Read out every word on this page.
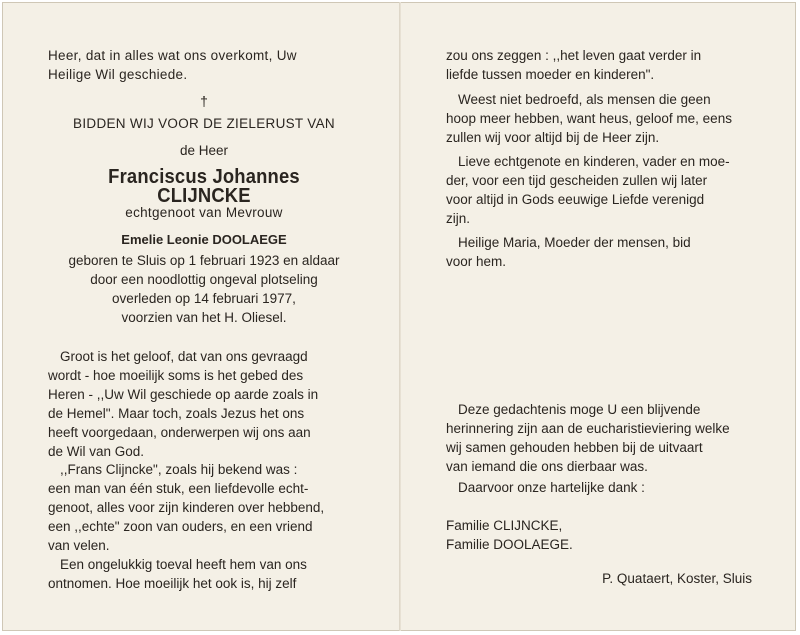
Heer, dat in alles wat ons overkomt, Uw

Heilige Wil geschiede.

†

BIDDEN WIJ VOOR DE ZIELERUST VAN

de Heer

Franciscus Johannes CLIJNCKE

echtgenoot van Mevrouw

Emelie Leonie DOOLAEGE

geboren te Sluis op 1 februari 1923 en aldaar

door een noodlottig ongeval plotseling

overleden op 14 februari 1977,

voorzien van het H. Oliesel.

Groot is het geloof, dat van ons gevraagd

wordt - hoe moeilijk soms is het gebed des

Heren - ,,Uw Wil geschiede op aarde zoals in

de Hemel". Maar toch, zoals Jezus het ons

heeft voorgedaan, onderwerpen wij ons aan

de Wil van God.

,,Frans Clijncke", zoals hij bekend was :

een man van één stuk, een liefdevolle echt-

genoot, alles voor zijn kinderen over hebbend,

een ,,echte" zoon van ouders, en een vriend

van velen.

Een ongelukkig toeval heeft hem van ons

ontnomen. Hoe moeilijk het ook is, hij zelf

zou ons zeggen : ,,het leven gaat verder in

liefde tussen moeder en kinderen".

Weest niet bedroefd, als mensen die geen

hoop meer hebben, want heus, geloof me, eens

zullen wij voor altijd bij de Heer zijn.

Lieve echtgenote en kinderen, vader en moe-

der, voor een tijd gescheiden zullen wij later

voor altijd in Gods eeuwige Liefde verenigd

zijn.

Heilige Maria, Moeder der mensen, bid

voor hem.

Deze gedachtenis moge U een blijvende

herinnering zijn aan de eucharistieviering welke

wij samen gehouden hebben bij de uitvaart

van iemand die ons dierbaar was.

Daarvoor onze hartelijke dank :

Familie CLIJNCKE,

Familie DOOLAEGE.

P. Quataert, Koster, Sluis
